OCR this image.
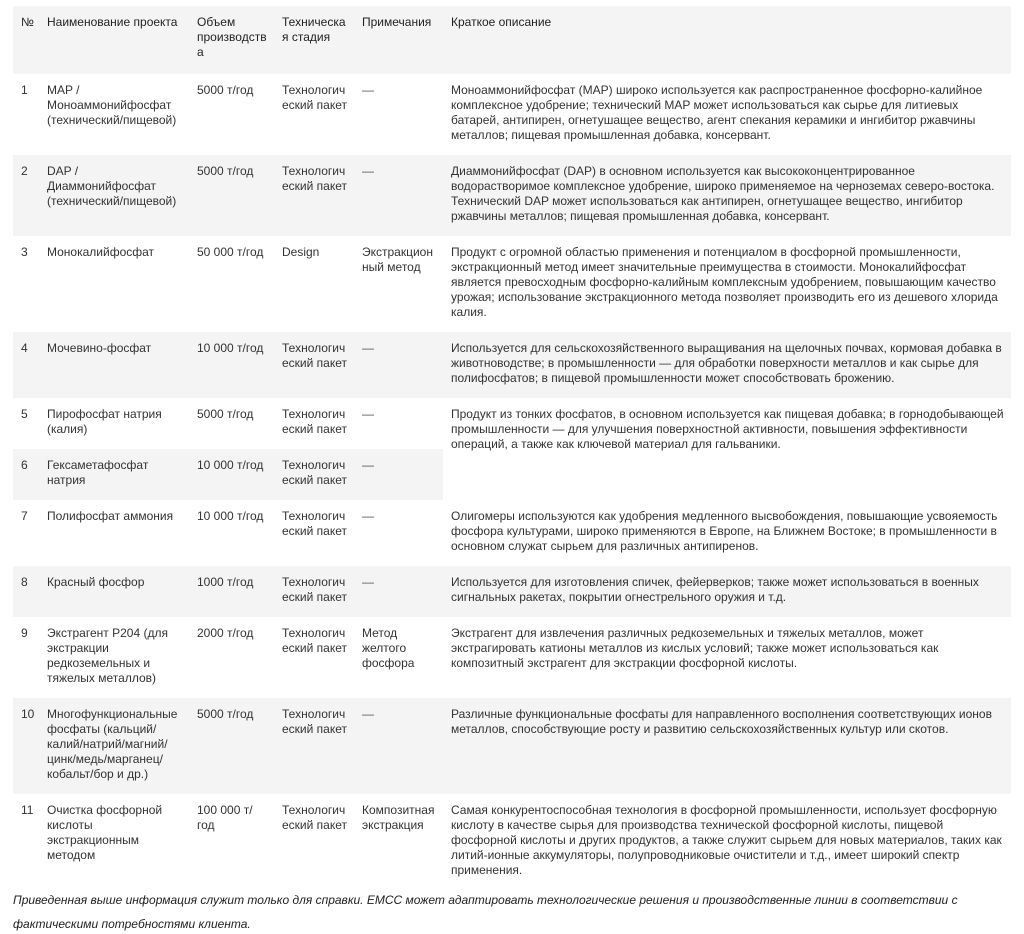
№	Наименование проекта	Объем производства	Техническая стадия	Примечания	Краткое описание
1	MAP / Моноаммонийфосфат (технический/пищевой)	5000 т/год	Технологический пакет	—	Моноаммонийфосфат (MAP) широко используется как распространенное фосфорно-калийное комплексное удобрение; технический MAP может использоваться как сырье для литиевых батарей, антипирен, огнетушащее вещество, агент спекания керамики и ингибитор ржавчины металлов; пищевая промышленная добавка, консервант.
2	DAP / Диаммонийфосфат (технический/пищевой)	5000 т/год	Технологический пакет	—	Диаммонийфосфат (DAP) в основном используется как высококонцентрированное водорастворимое комплексное удобрение, широко применяемое на черноземах северо-востока. Технический DAP может использоваться как антипирен, огнетушащее вещество, ингибитор ржавчины металлов; пищевая промышленная добавка, консервант.
3	Монокалийфосфат	50 000 т/год	Design	Экстракционный метод	Продукт с огромной областью применения и потенциалом в фосфорной промышленности, экстракционный метод имеет значительные преимущества в стоимости. Монокалийфосфат является превосходным фосфорно-калийным комплексным удобрением, повышающим качество урожая; использование экстракционного метода позволяет производить его из дешевого хлорида калия.
4	Мочевино-фосфат	10 000 т/год	Технологический пакет	—	Используется для сельскохозяйственного выращивания на щелочных почвах, кормовая добавка в животноводстве; в промышленности — для обработки поверхности металлов и как сырье для полифосфатов; в пищевой промышленности может способствовать брожению.
5	Пирофосфат натрия (калия)	5000 т/год	Технологический пакет	—	Продукт из тонких фосфатов, в основном используется как пищевая добавка; в горнодобывающей промышленности — для улучшения поверхностной активности, повышения эффективности операций, а также как ключевой материал для гальваники.
6	Гексаметафосфат натрия	10 000 т/год	Технологический пакет	—	
7	Полифосфат аммония	10 000 т/год	Технологический пакет	—	Олигомеры используются как удобрения медленного высвобождения, повышающие усвояемость фосфора культурами, широко применяются в Европе, на Ближнем Востоке; в промышленности в основном служат сырьем для различных антипиренов.
8	Красный фосфор	1000 т/год	Технологический пакет	—	Используется для изготовления спичек, фейерверков; также может использоваться в военных сигнальных ракетах, покрытии огнестрельного оружия и т.д.
9	Экстрагент P204 (для экстракции редкоземельных и тяжелых металлов)	2000 т/год	Технологический пакет	Метод желтого фосфора	Экстрагент для извлечения различных редкоземельных и тяжелых металлов, может экстрагировать катионы металлов из кислых условий; также может использоваться как композитный экстрагент для экстракции фосфорной кислоты.
10	Многофункциональные фосфаты (кальций/калий/натрий/магний/цинк/медь/марганец/кобальт/бор и др.)	5000 т/год	Технологический пакет	—	Различные функциональные фосфаты для направленного восполнения соответствующих ионов металлов, способствующие росту и развитию сельскохозяйственных культур или скотов.
11	Очистка фосфорной кислоты экстракционным методом	100 000 т/год	Технологический пакет	Композитная экстракция	Самая конкурентоспособная технология в фосфорной промышленности, использует фосфорную кислоту в качестве сырья для производства технической фосфорной кислоты, пищевой фосфорной кислоты и других продуктов, а также служит сырьем для новых материалов, таких как литий-ионные аккумуляторы, полупроводниковые очистители и т.д., имеет широкий спектр применения.
Приведенная выше информация служит только для справки. EMCC может адаптировать технологические решения и производственные линии в соответствии с фактическими потребностями клиента.
